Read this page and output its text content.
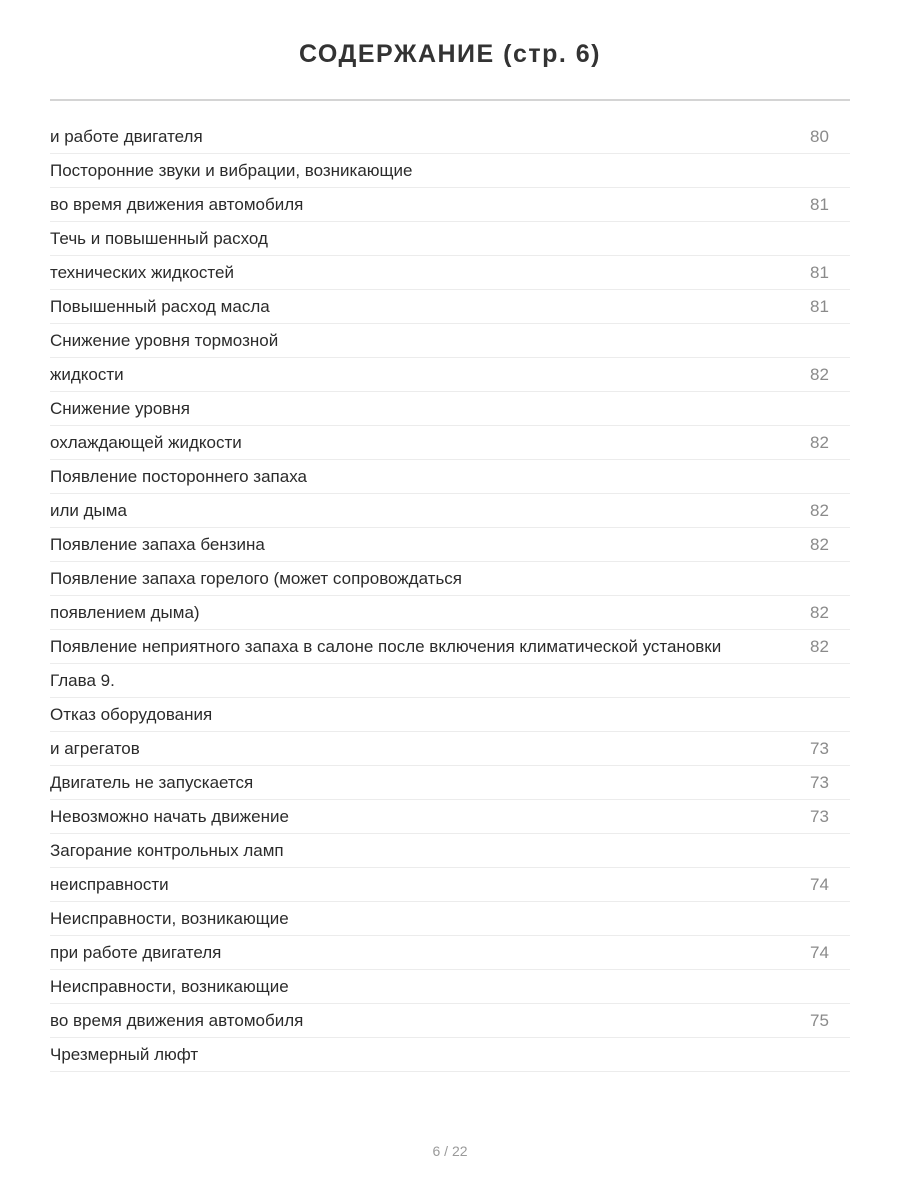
СОДЕРЖАНИЕ (стр. 6)
и работе двигателя	80
Посторонние звуки и вибрации, возникающие
во время движения автомобиля	81
Течь и повышенный расход
технических жидкостей	81
Повышенный расход масла	81
Снижение уровня тормозной
жидкости	82
Снижение уровня
охлаждающей жидкости	82
Появление постороннего запаха
или дыма	82
Появление запаха бензина	82
Появление запаха горелого (может сопровождаться
появлением дыма)	82
Появление неприятного запаха в салоне после включения климатической установки	82
Глава 9.
Отказ оборудования
и агрегатов	73
Двигатель не запускается	73
Невозможно начать движение	73
Загорание контрольных ламп
неисправности	74
Неисправности, возникающие
при работе двигателя	74
Неисправности, возникающие
во время движения автомобиля	75
Чрезмерный люфт
6 / 22
